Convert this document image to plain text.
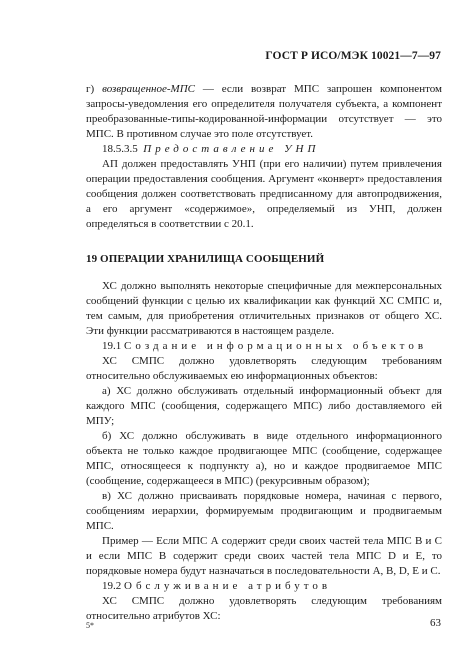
ГОСТ Р ИСО/МЭК 10021—7—97

г) возвращенное-МПС — если возврат МПС запрошен компонентом запросы-уведомления его определителя получателя субъекта, а компонент преобразованные-типы-кодированной-информации отсутствует — это МПС. В противном случае это поле отсутствует.

18.5.3.5 Предоставление УНП

АП должен предоставлять УНП (при его наличии) путем привлечения операции предоставления сообщения. Аргумент «конверт» предоставления сообщения должен соответствовать предписанному для автопродвижения, а его аргумент «содержимое», определяемый из УНП, должен определяться в соответствии с 20.1.

19 ОПЕРАЦИИ ХРАНИЛИЩА СООБЩЕНИЙ

ХС должно выполнять некоторые специфичные для межперсональных сообщений функции с целью их квалификации как функций ХС СМПС и, тем самым, для приобретения отличительных признаков от общего ХС. Эти функции рассматриваются в настоящем разделе.

19.1 Создание информационных объектов

ХС СМПС должно удовлетворять следующим требованиям относительно обслуживаемых ею информационных объектов:

а) ХС должно обслуживать отдельный информационный объект для каждого МПС (сообщения, содержащего МПС) либо доставляемого ей МПУ;

б) ХС должно обслуживать в виде отдельного информационного объекта не только каждое продвигающее МПС (сообщение, содержащее МПС, относящееся к подпункту а), но и каждое продвигаемое МПС (сообщение, содержащееся в МПС) (рекурсивным образом);

в) ХС должно присваивать порядковые номера, начиная с первого, сообщениям иерархии, формируемым продвигающим и продвигаемым МПС.

Пример — Если МПС А содержит среди своих частей тела МПС В и С и если МПС В содержит среди своих частей тела МПС D и Е, то порядковые номера будут назначаться в последовательности А, В, D, Е и С.

19.2 Обслуживание атрибутов

ХС СМПС должно удовлетворять следующим требованиям относительно атрибутов ХС:

5*	63
